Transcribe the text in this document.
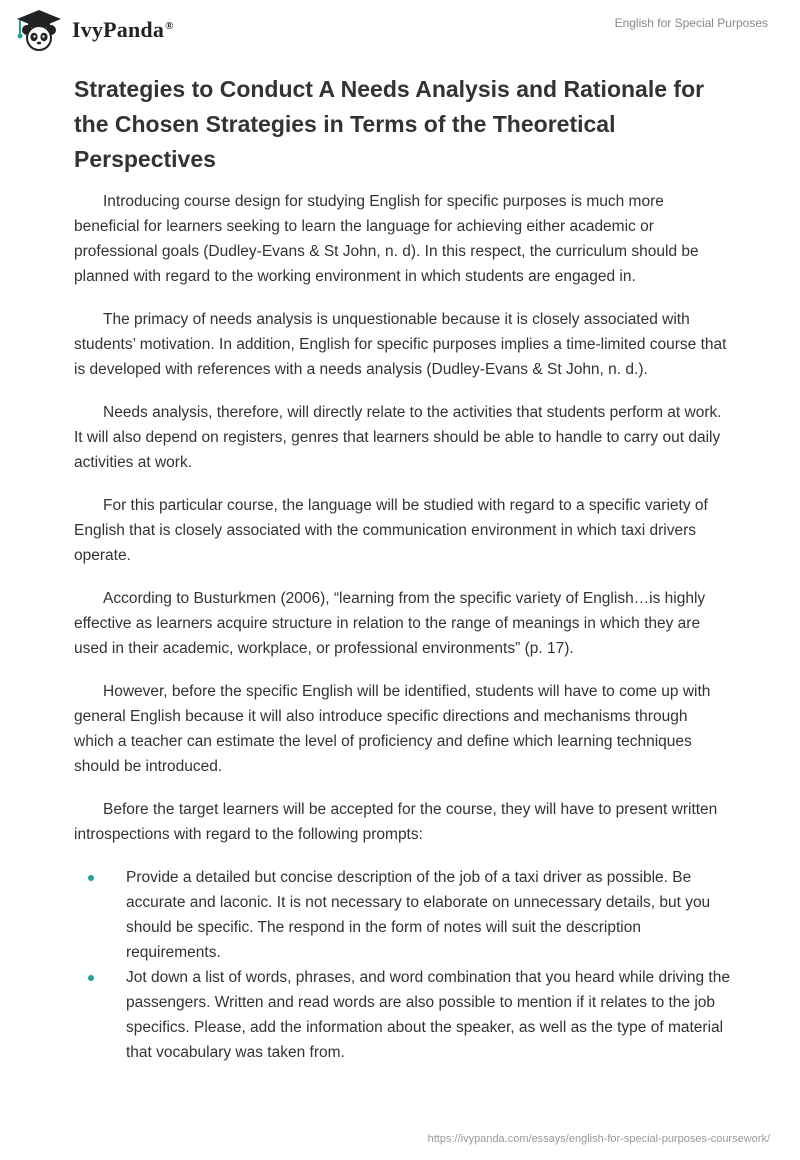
IvyPanda®	English for Special Purposes
Strategies to Conduct A Needs Analysis and Rationale for the Chosen Strategies in Terms of the Theoretical Perspectives

Introducing course design for studying English for specific purposes is much more beneficial for learners seeking to learn the language for achieving either academic or professional goals (Dudley-Evans & St John, n. d). In this respect, the curriculum should be planned with regard to the working environment in which students are engaged in.

The primacy of needs analysis is unquestionable because it is closely associated with students’ motivation. In addition, English for specific purposes implies a time-limited course that is developed with references with a needs analysis (Dudley-Evans & St John, n. d.).

Needs analysis, therefore, will directly relate to the activities that students perform at work. It will also depend on registers, genres that learners should be able to handle to carry out daily activities at work.

For this particular course, the language will be studied with regard to a specific variety of English that is closely associated with the communication environment in which taxi drivers operate.

According to Busturkmen (2006), “learning from the specific variety of English…is highly effective as learners acquire structure in relation to the range of meanings in which they are used in their academic, workplace, or professional environments” (p. 17).

However, before the specific English will be identified, students will have to come up with general English because it will also introduce specific directions and mechanisms through which a teacher can estimate the level of proficiency and define which learning techniques should be introduced.

Before the target learners will be accepted for the course, they will have to present written introspections with regard to the following prompts:

Provide a detailed but concise description of the job of a taxi driver as possible. Be accurate and laconic. It is not necessary to elaborate on unnecessary details, but you should be specific. The respond in the form of notes will suit the description requirements.
Jot down a list of words, phrases, and word combination that you heard while driving the passengers. Written and read words are also possible to mention if it relates to the job specifics. Please, add the information about the speaker, as well as the type of material that vocabulary was taken from.
https://ivypanda.com/essays/english-for-special-purposes-coursework/
